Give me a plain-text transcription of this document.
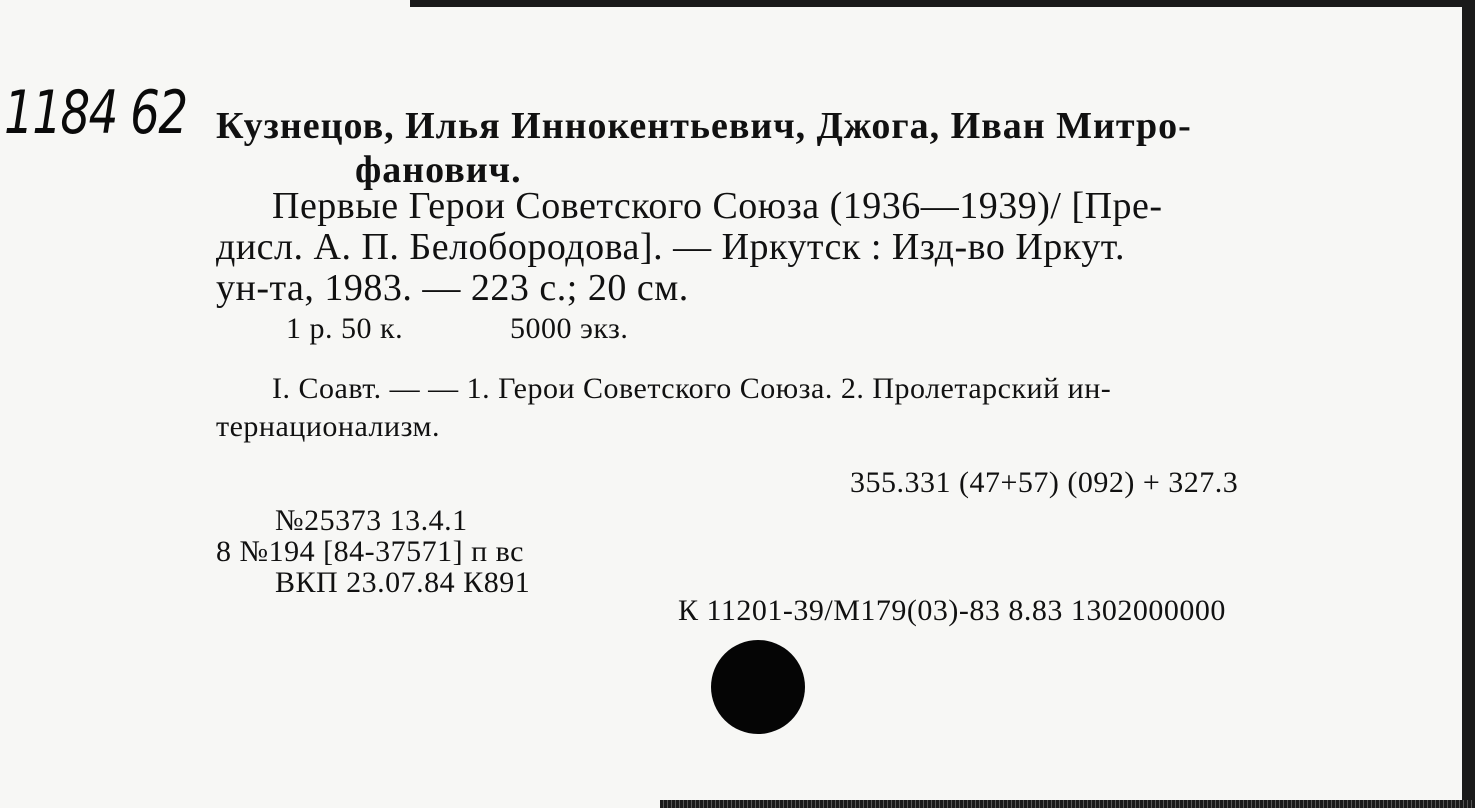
1184 62 Кузнецов, Илья Иннокентьевич, Джога, Иван Митро-
фанович.
Первые Герои Советского Союза (1936—1939)/ [Пре-
дисл. А. П. Белобородова]. — Иркутск : Изд-во Иркут.
ун-та, 1983. — 223 с.; 20 см.
1 р. 50 к.	5000 экз.
I. Соавт. — — 1. Герои Советского Союза. 2. Пролетарский ин-
тернационализм.
355.331 (47+57) (092) + 327.3
№25373 13.4.1
8 №194 [84-37571] п вс
ВКП 23.07.84 К891
К 11201-39/М179(03)-83 8.83 1302000000
